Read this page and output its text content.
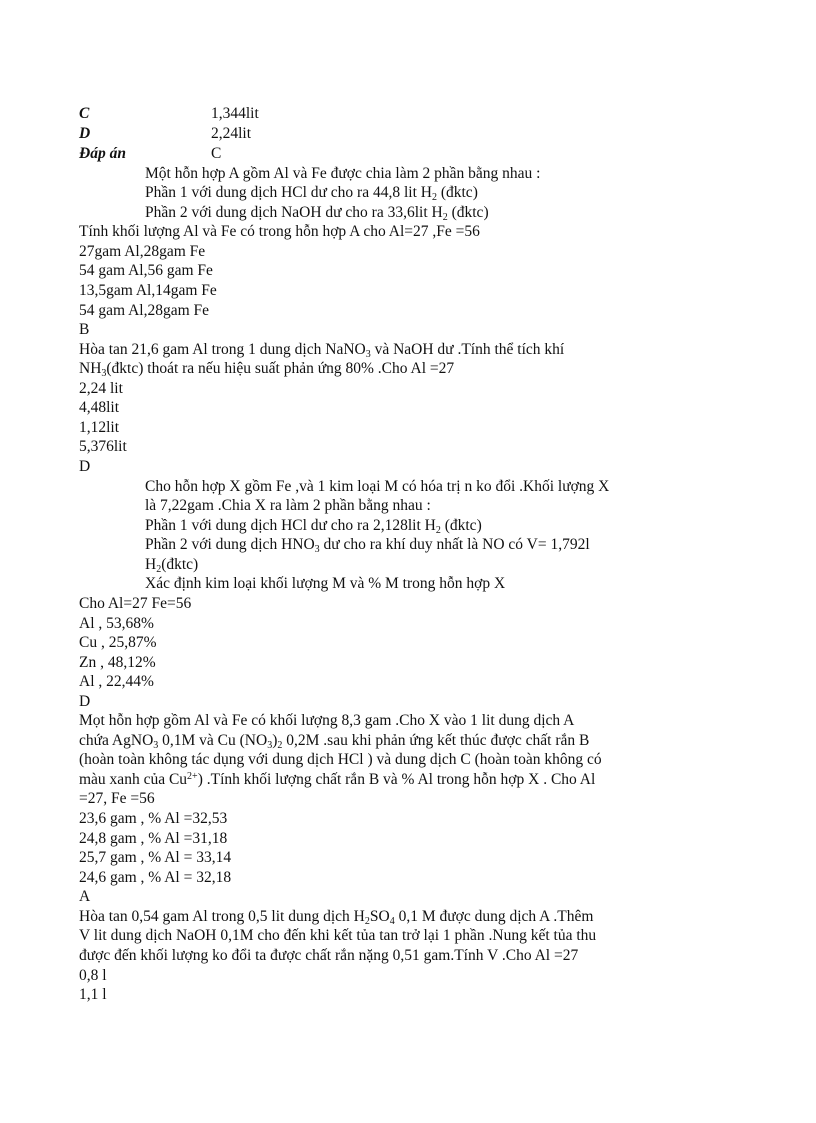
C	1,344lit
D	2,24lit
Đáp án	C
Một hỗn hợp A gồm Al và Fe được chia làm 2 phần bằng nhau :
Phần 1 với dung dịch HCl dư cho ra 44,8 lit $H_2$ (đktc)
Phần 2 với dung dịch NaOH dư cho ra 33,6lit $H_2$ (đktc)
Tính khối lượng Al và Fe có trong hỗn hợp A cho Al=27 ,Fe =56
27gam Al,28gam Fe
54 gam Al,56 gam Fe
13,5gam Al,14gam Fe
54 gam Al,28gam Fe
B
Hòa tan 21,6 gam Al trong 1 dung dịch NaNO$_3$ và NaOH dư .Tính thể tích khí
$NH_3(đktc)$ thoát ra nếu hiệu suất phản ứng 80% .Cho Al =27
2,24 lit
4,48lit
1,12lit
5,376lit
D
Cho hỗn hợp X gồm Fe ,và 1 kim loại M có hóa trị n ko đổi .Khối lượng X
là 7,22gam .Chia X ra làm 2 phần bằng nhau :
Phần 1 với dung dịch HCl dư cho ra 2,128lit $H_2$ (đktc)
Phần 2 với dung dịch $HNO_3$ dư cho ra khí duy nhất là NO có V= 1,792l
$H_2(đktc)$
Xác định kim loại khối lượng M và % M trong hỗn hợp X
Cho Al=27 Fe=56
Al , 53,68%
Cu , 25,87%
Zn , 48,12%
Al , 22,44%
D
Mọt hỗn hợp gồm Al và Fe có khối lượng 8,3 gam .Cho X vào 1 lit dung dịch A
chứa AgNO$_3$ 0,1M và Cu $(NO_3)_2$ 0,2M .sau khi phản ứng kết thúc được chất rắn B
(hoàn toàn không tác dụng với dung dịch HCl ) và dung dịch C (hoàn toàn không có
màu xanh của $Cu^{2+}$) .Tính khối lượng chất rắn B và % Al trong hỗn hợp X . Cho Al
=27, Fe =56
23,6 gam , % Al =32,53
24,8 gam , % Al =31,18
25,7 gam , % Al = 33,14
24,6 gam , % Al = 32,18
A
Hòa tan 0,54 gam Al trong 0,5 lit dung dịch $H_2SO_4$ 0,1 M được dung dịch A .Thêm
V lit dung dịch NaOH 0,1M cho đến khi kết tủa tan trở lại 1 phần .Nung kết tủa thu
được đến khối lượng ko đổi ta được chất rắn nặng 0,51 gam.Tính V .Cho Al =27
0,8 l
1,1 l
